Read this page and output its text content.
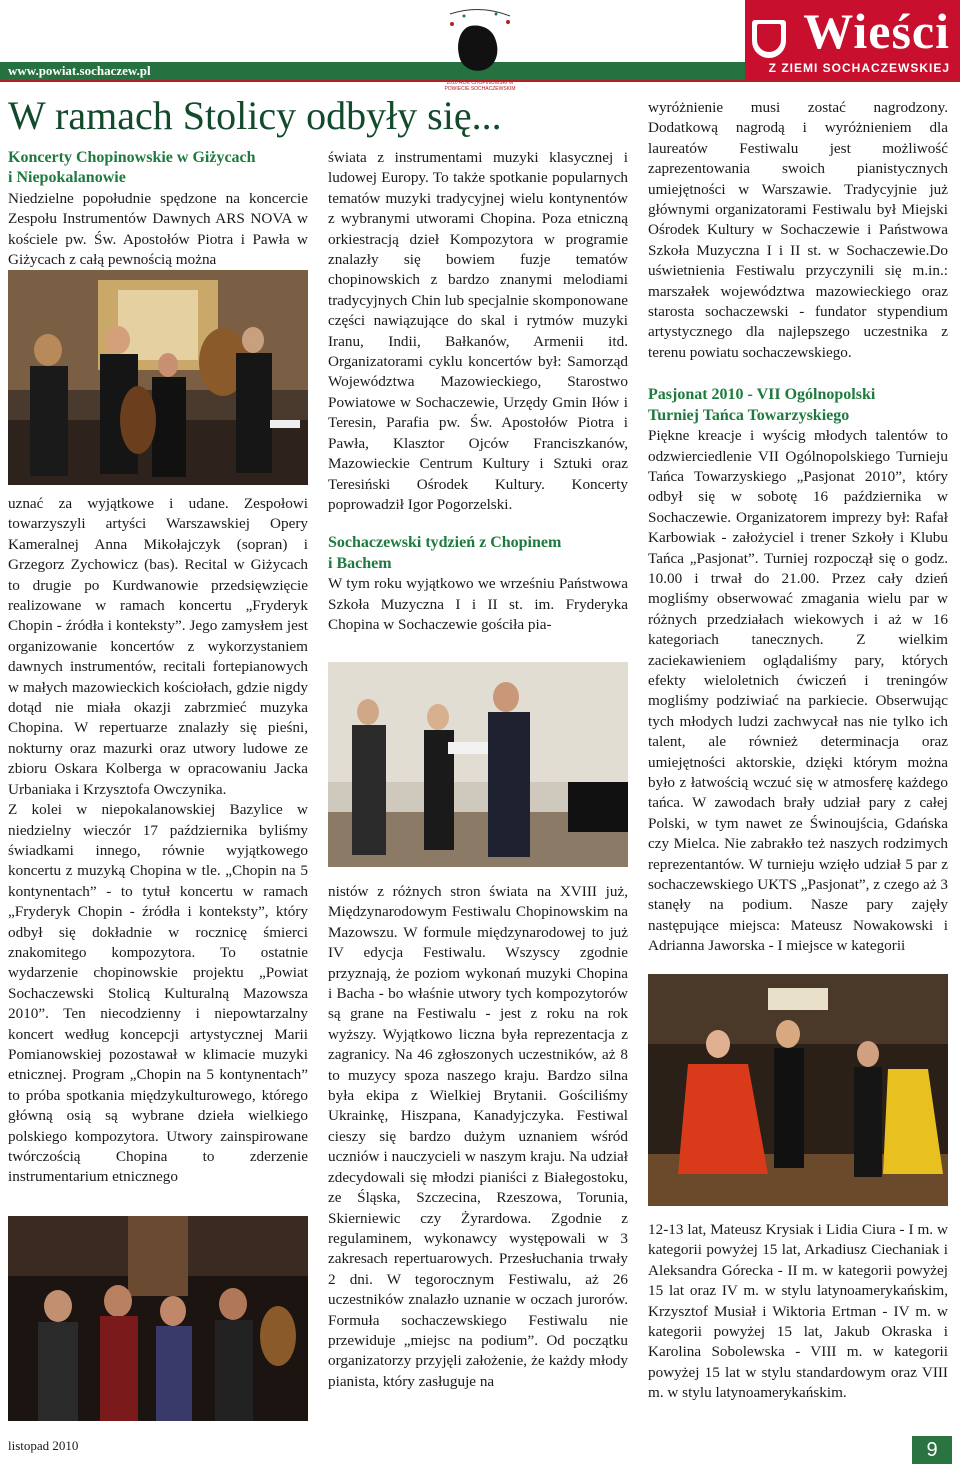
www.powiat.sochaczew.pl
Wieści
Z ZIEMI SOCHACZEWSKIEJ
2010 ROK CHOPINOWSKI W POWIECIE SOCHACZEWSKIM
W ramach Stolicy odbyły się...

Koncerty Chopinowskie w Giżycach

i Niepokalanowie

Niedzielne popołudnie spędzone na koncercie Zespołu Instrumentów Dawnych ARS NOVA w kościele pw. Św. Apostołów Piotra i Pawła w Giżycach z całą pewnością można

uznać za wyjątkowe i udane. Zespołowi towarzyszyli artyści Warszawskiej Opery Kameralnej Anna Mikołajczyk (sopran) i Grzegorz Zychowicz (bas). Recital w Giżycach to drugie po Kurdwanowie przedsięwzięcie realizowane w ramach koncertu „Fryderyk Chopin - źródła i konteksty”. Jego zamysłem jest organizowanie koncertów z wykorzystaniem dawnych instrumentów, recitali fortepianowych w małych mazowieckich kościołach, gdzie nigdy dotąd nie miała okazji zabrzmieć muzyka Chopina. W repertuarze znalazły się pieśni, nokturny oraz mazurki oraz utwory ludowe ze zbioru Oskara Kolberga w opracowaniu Jacka Urbaniaka i Krzysztofa Owczynika.

Z kolei w niepokalanowskiej Bazylice w niedzielny wieczór 17 października byliśmy świadkami innego, równie wyjątkowego koncertu z muzyką Chopina w tle. „Chopin na 5 kontynentach” - to tytuł koncertu w ramach „Fryderyk Chopin - źródła i konteksty”, który odbył się dokładnie w rocznicę śmierci znakomitego kompozytora. To ostatnie wydarzenie chopinowskie projektu „Powiat Sochaczewski Stolicą Kulturalną Mazowsza 2010”. Ten niecodzienny i niepowtarzalny koncert według koncepcji artystycznej Marii Pomianowskiej pozostawał w klimacie muzyki etnicznej. Program „Chopin na 5 kontynentach” to próba spotkania międzykulturowego, którego główną osią są wybrane dzieła wielkiego polskiego kompozytora. Utwory zainspirowane twórczością Chopina to zderzenie instrumentarium etnicznego

świata z instrumentami muzyki klasycznej i ludowej Europy. To także spotkanie popularnych tematów muzyki tradycyjnej wielu kontynentów z wybranymi utworami Chopina. Poza etniczną orkiestracją dzieł Kompozytora w programie znalazły się bowiem fuzje tematów chopinowskich z bardzo znanymi melodiami tradycyjnych Chin lub specjalnie skomponowane części nawiązujące do skal i rytmów muzyki Iranu, Indii, Bałkanów, Armenii itd. Organizatorami cyklu koncertów był: Samorząd Województwa Mazowieckiego, Starostwo Powiatowe w Sochaczewie, Urzędy Gmin Iłów i Teresin, Parafia pw. Św. Apostołów Piotra i Pawła, Klasztor Ojców Franciszkanów, Mazowieckie Centrum Kultury i Sztuki oraz Teresiński Ośrodek Kultury. Koncerty poprowadził Igor Pogorzelski.

Sochaczewski tydzień z Chopinem

i Bachem

W tym roku wyjątkowo we wrześniu Państwowa Szkoła Muzyczna I i II st. im. Fryderyka Chopina w Sochaczewie gościła pia-

nistów z różnych stron świata na XVIII już, Międzynarodowym Festiwalu Chopinowskim na Mazowszu. W formule międzynarodowej to już IV edycja Festiwalu. Wszyscy zgodnie przyznają, że poziom wykonań muzyki Chopina i Bacha - bo właśnie utwory tych kompozytorów są grane na Festiwalu - jest z roku na rok wyższy. Wyjątkowo liczna była reprezentacja z zagranicy. Na 46 zgłoszonych uczestników, aż 8 to muzycy spoza naszego kraju. Bardzo silna była ekipa z Wielkiej Brytanii. Gościliśmy Ukrainkę, Hiszpana, Kanadyjczyka. Festiwal cieszy się bardzo dużym uznaniem wśród uczniów i nauczycieli w naszym kraju. Na udział zdecydowali się młodzi pianiści z Białegostoku, ze Śląska, Szczecina, Rzeszowa, Torunia, Skierniewic czy Żyrardowa. Zgodnie z regulaminem, wykonawcy występowali w 3 zakresach repertuarowych. Przesłuchania trwały 2 dni. W tegorocznym Festiwalu, aż 26 uczestników znalazło uznanie w oczach jurorów. Formuła sochaczewskiego Festiwalu nie przewiduje „miejsc na podium”. Od początku organizatorzy przyjęli założenie, że każdy młody pianista, który zasługuje na

wyróżnienie musi zostać nagrodzony. Dodatkową nagrodą i wyróżnieniem dla laureatów Festiwalu jest możliwość zaprezentowania swoich pianistycznych umiejętności w Warszawie. Tradycyjnie już głównymi organizatorami Festiwalu był Miejski Ośrodek Kultury w Sochaczewie i Państwowa Szkoła Muzyczna I i II st. w Sochaczewie.Do uświetnienia Festiwalu przyczynili się m.in.: marszałek województwa mazowieckiego oraz starosta sochaczewski - fundator stypendium artystycznego dla najlepszego uczestnika z terenu powiatu sochaczewskiego.

Pasjonat 2010 - VII Ogólnopolski

Turniej Tańca Towarzyskiego

Piękne kreacje i wyścig młodych talentów to odzwierciedlenie VII Ogólnopolskiego Turnieju Tańca Towarzyskiego „Pasjonat 2010”, który odbył się w sobotę 16 października w Sochaczewie. Organizatorem imprezy był: Rafał Karbowiak - założyciel i trener Szkoły i Klubu Tańca „Pasjonat”. Turniej rozpoczął się o godz. 10.00 i trwał do 21.00. Przez cały dzień mogliśmy obserwować zmagania wielu par w różnych przedziałach wiekowych i aż w 16 kategoriach tanecznych. Z wielkim zaciekawieniem oglądaliśmy pary, których efekty wieloletnich ćwiczeń i treningów mogliśmy podziwiać na parkiecie. Obserwując tych młodych ludzi zachwycał nas nie tylko ich talent, ale również determinacja oraz umiejętności aktorskie, dzięki którym można było z łatwością wczuć się w atmosferę każdego tańca. W zawodach brały udział pary z całej Polski, w tym nawet ze Świnoujścia, Gdańska czy Mielca. Nie zabrakło też naszych rodzimych reprezentantów. W turnieju wzięło udział 5 par z sochaczewskiego UKTS „Pasjonat”, z czego aż 3 stanęły na podium. Nasze pary zajęły następujące miejsca: Mateusz Nowakowski i Adrianna Jaworska - I miejsce w kategorii

12-13 lat, Mateusz Krysiak i Lidia Ciura - I m. w kategorii powyżej 15 lat, Arkadiusz Ciechaniak i Aleksandra Górecka - II m. w kategorii powyżej 15 lat oraz IV m. w stylu latynoamerykańskim, Krzysztof Musiał i Wiktoria Ertman - IV m. w kategorii powyżej 15 lat, Jakub Okraska i Karolina Sobolewska - VIII m. w kategorii powyżej 15 lat w stylu standardowym oraz VIII m. w stylu latynoamerykańskim.

listopad 2010	9
